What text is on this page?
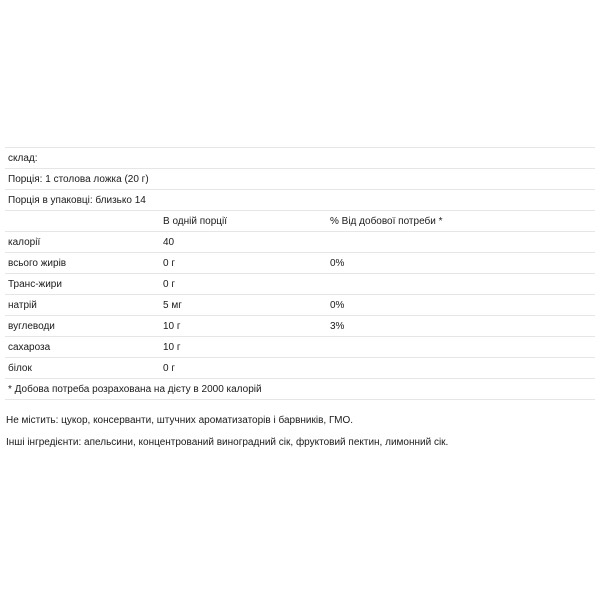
склад:		
Порція: 1 столова ложка (20 г)		
Порція в упаковці: близько 14		
	В одній порції	% Від добової потреби *
калорії	40	
всього жирів	0 г	0%
Транс-жири	0 г	
натрій	5 мг	0%
вуглеводи	10 г	3%
сахароза	10 г	
білок	0 г	
* Добова потреба розрахована на дієту в 2000 калорій		
Не містить: цукор, консерванти, штучних ароматизаторів і барвників, ГМО.
Інші інгредієнти: апельсини, концентрований виноградний сік, фруктовий пектин, лимонний сік.
